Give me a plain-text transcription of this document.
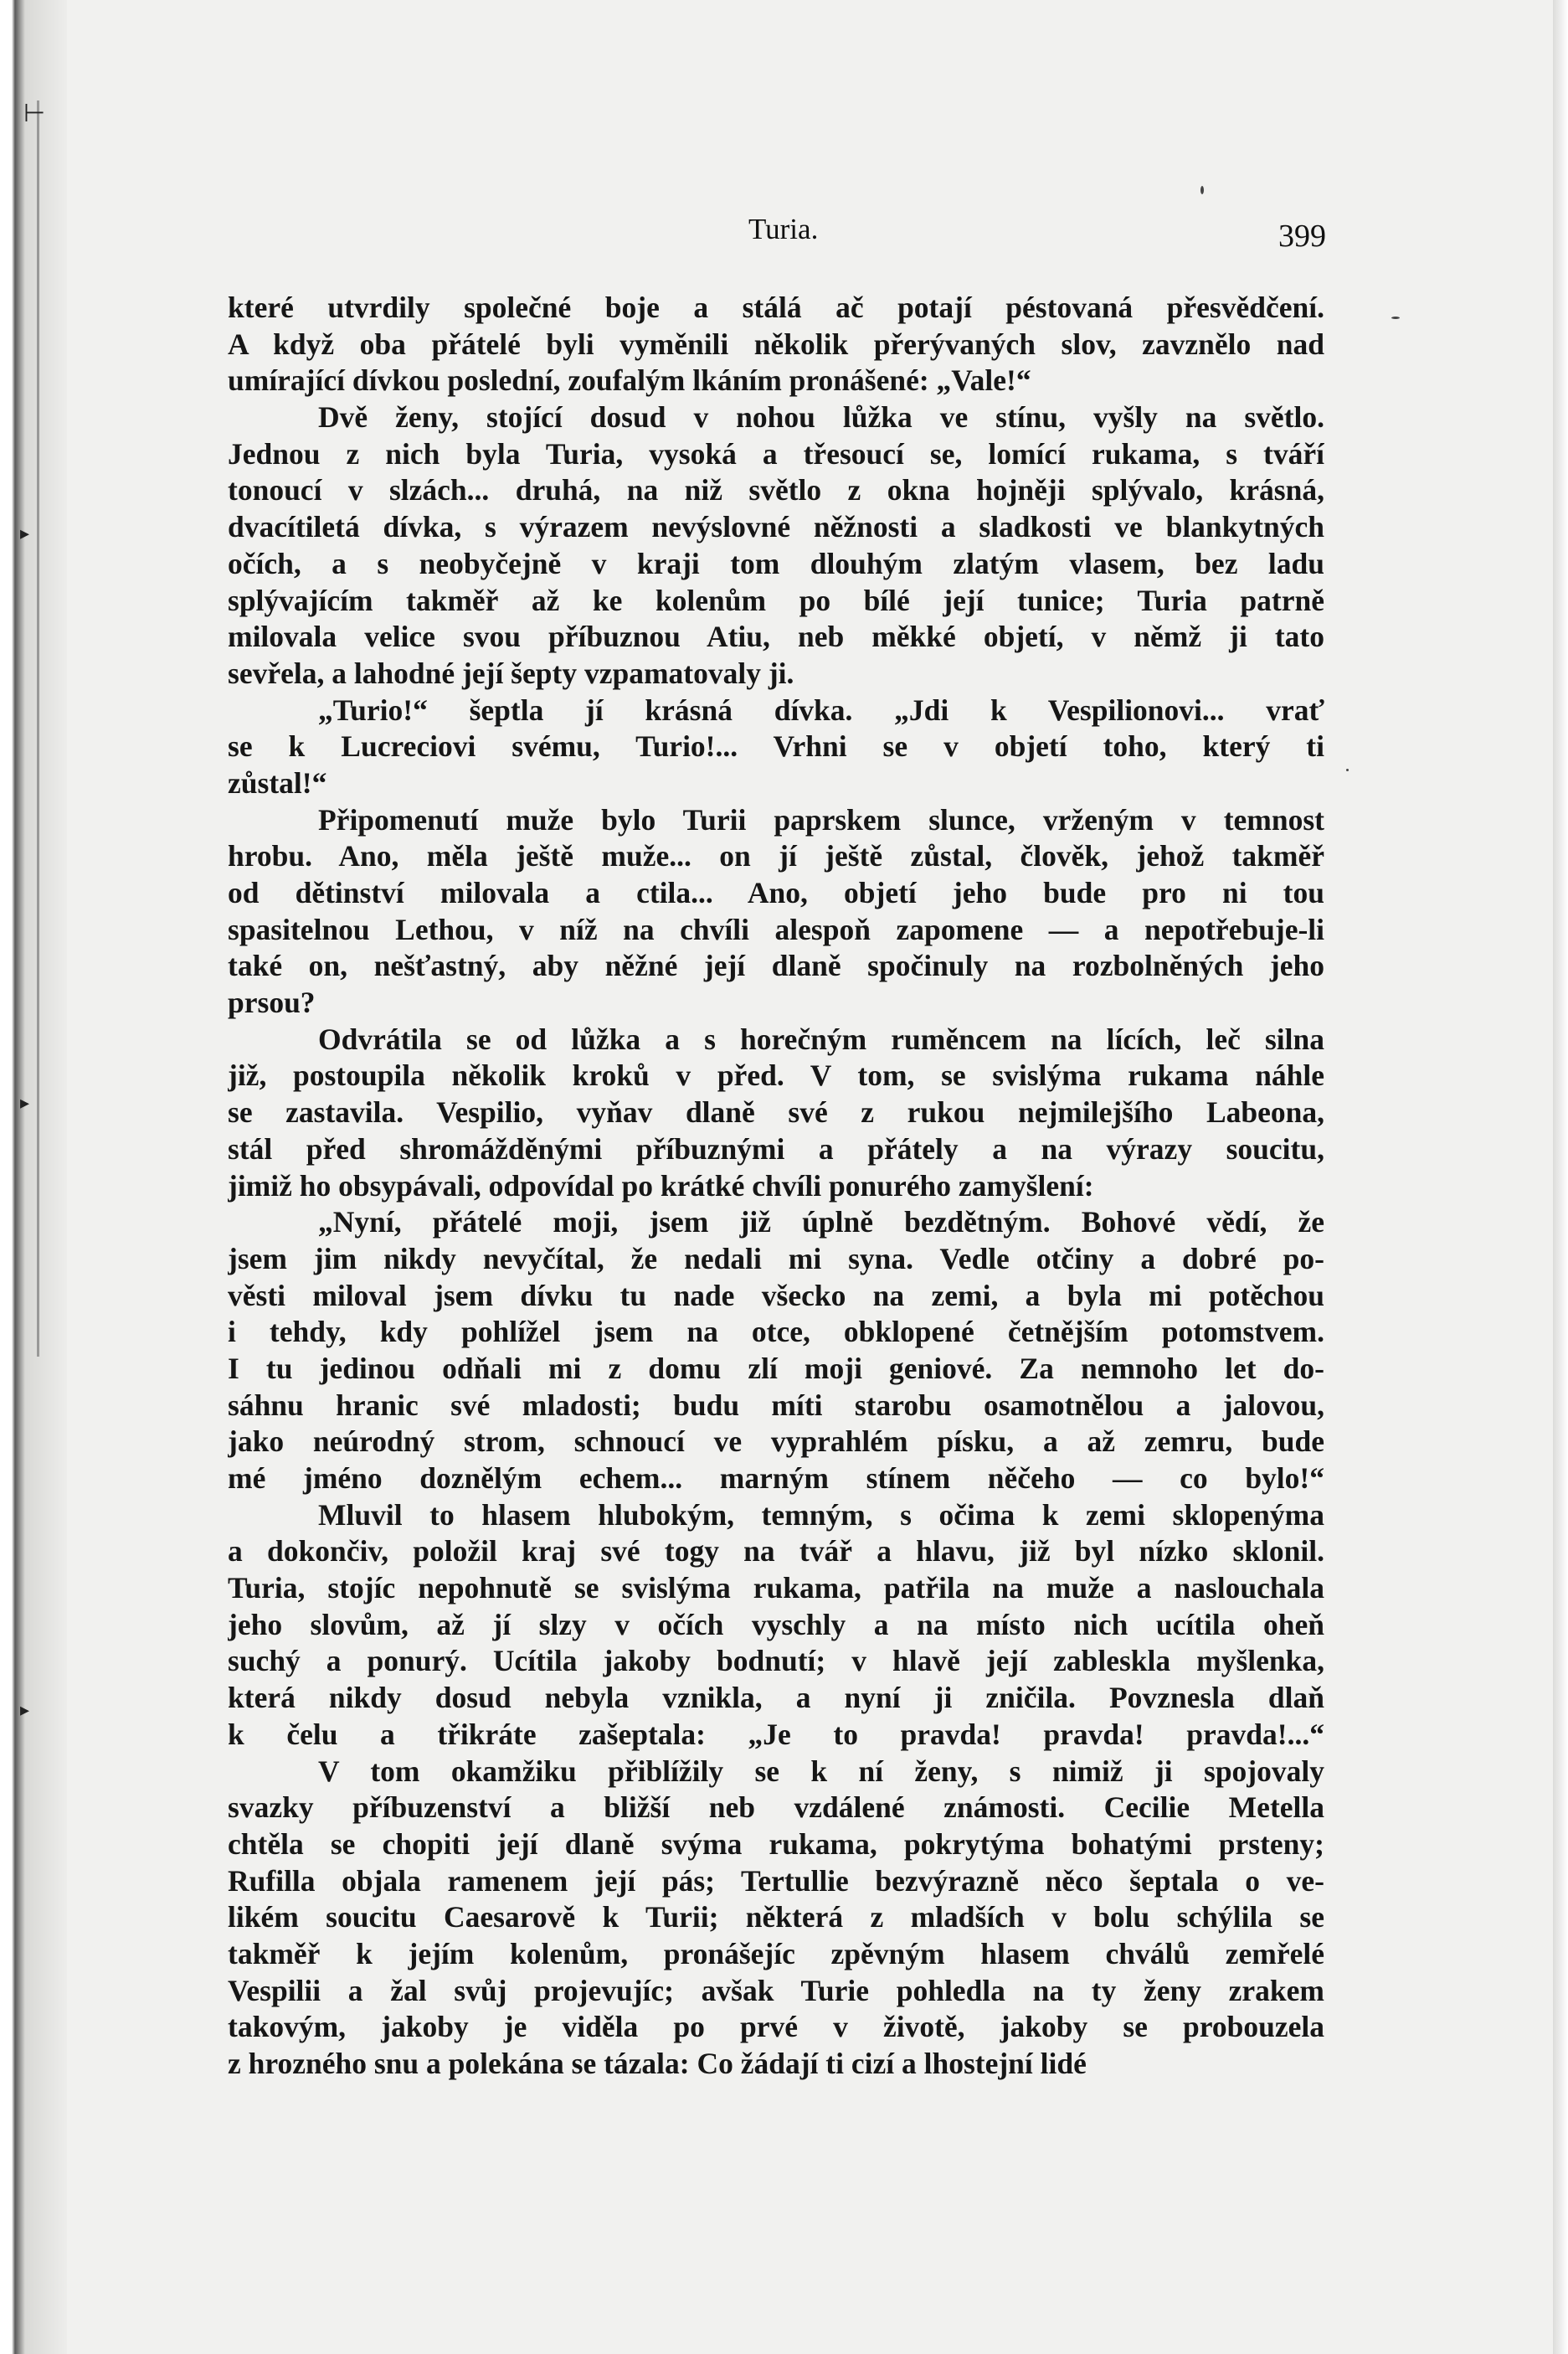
⊢
▸
▸
▸
Turia.	399
které utvrdily společné boje a stálá ač potají péstovaná přesvědčení.
A když oba přátelé byli vyměnili několik přerývaných slov, zavznělo nad
umírající dívkou poslední, zoufalým lkáním pronášené: „Vale!“
Dvě ženy, stojící dosud v nohou lůžka ve stínu, vyšly na světlo.
Jednou z nich byla Turia, vysoká a třesoucí se, lomící rukama, s tváří
tonoucí v slzách... druhá, na niž světlo z okna hojněji splývalo, krásná,
dvacítiletá dívka, s výrazem nevýslovné něžnosti a sladkosti ve blankytných
očích, a s neobyčejně v kraji tom dlouhým zlatým vlasem, bez ladu
splývajícím takměř až ke kolenům po bílé její tunice; Turia patrně
milovala velice svou příbuznou Atiu, neb měkké objetí, v němž ji tato
sevřela, a lahodné její šepty vzpamatovaly ji.
„Turio!“ šeptla jí krásná dívka. „Jdi k Vespilionovi... vrať
se k Lucreciovi svému, Turio!... Vrhni se v objetí toho, který ti
zůstal!“
Připomenutí muže bylo Turii paprskem slunce, vrženým v temnost
hrobu. Ano, měla ještě muže... on jí ještě zůstal, člověk, jehož takměř
od dětinství milovala a ctila... Ano, objetí jeho bude pro ni tou
spasitelnou Lethou, v níž na chvíli alespoň zapomene — a nepotřebuje-li
také on, nešťastný, aby něžné její dlaně spočinuly na rozbolněných jeho
prsou?
Odvrátila se od lůžka a s horečným ruměncem na lících, leč silna
již, postoupila několik kroků v před. V tom, se svislýma rukama náhle
se zastavila. Vespilio, vyňav dlaně své z rukou nejmilejšího Labeona,
stál před shromážděnými příbuznými a přátely a na výrazy soucitu,
jimiž ho obsypávali, odpovídal po krátké chvíli ponurého zamyšlení:
„Nyní, přátelé moji, jsem již úplně bezdětným. Bohové vědí, že
jsem jim nikdy nevyčítal, že nedali mi syna. Vedle otčiny a dobré po-
věsti miloval jsem dívku tu nade všecko na zemi, a byla mi potěchou
i tehdy, kdy pohlížel jsem na otce, obklopené četnějším potomstvem.
I tu jedinou odňali mi z domu zlí moji geniové. Za nemnoho let do-
sáhnu hranic své mladosti; budu míti starobu osamotnělou a jalovou,
jako neúrodný strom, schnoucí ve vyprahlém písku, a až zemru, bude
mé jméno doznělým echem... marným stínem něčeho — co bylo!“
Mluvil to hlasem hlubokým, temným, s očima k zemi sklopenýma
a dokončiv, položil kraj své togy na tvář a hlavu, již byl nízko sklonil.
Turia, stojíc nepohnutě se svislýma rukama, patřila na muže a naslouchala
jeho slovům, až jí slzy v očích vyschly a na místo nich ucítila oheň
suchý a ponurý. Ucítila jakoby bodnutí; v hlavě její zableskla myšlenka,
která nikdy dosud nebyla vznikla, a nyní ji zničila. Povznesla dlaň
k čelu a třikráte zašeptala: „Je to pravda! pravda! pravda!...“
V tom okamžiku přiblížily se k ní ženy, s nimiž ji spojovaly
svazky příbuzenství a bližší neb vzdálené známosti. Cecilie Metella
chtěla se chopiti její dlaně svýma rukama, pokrytýma bohatými prsteny;
Rufilla objala ramenem její pás; Tertullie bezvýrazně něco šeptala o ve-
likém soucitu Caesarově k Turii; některá z mladších v bolu schýlila se
takměř k jejím kolenům, pronášejíc zpěvným hlasem chválů zemřelé
Vespilii a žal svůj projevujíc; avšak Turie pohledla na ty ženy zrakem
takovým, jakoby je viděla po prvé v životě, jakoby se probouzela
z hrozného snu a polekána se tázala: Co žádají ti cizí a lhostejní lidé
